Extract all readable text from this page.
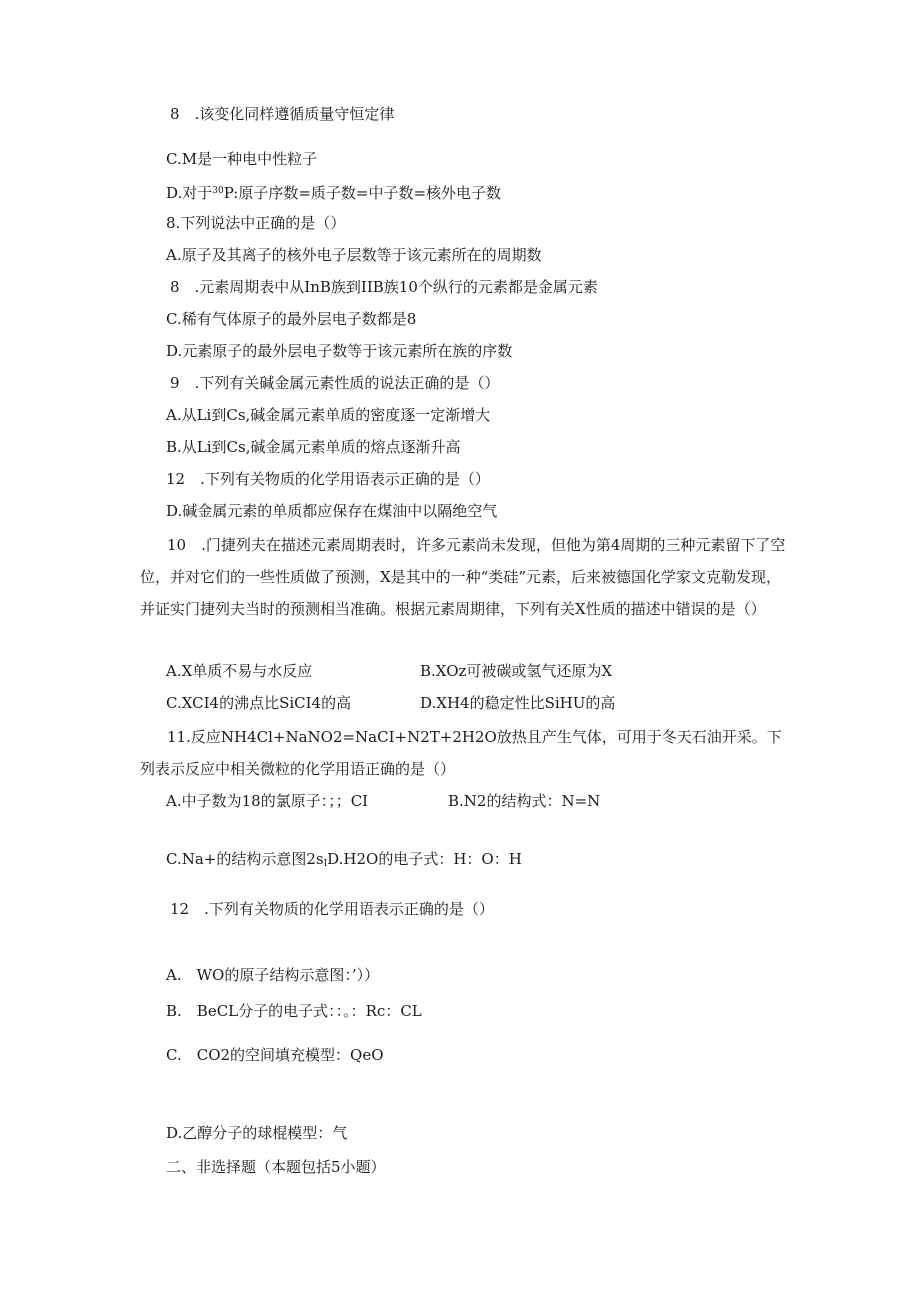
8　.该变化同样遵循质量守恒定律
C.M是一种电中性粒子
D.对于$^{30}$P:原子序数=质子数=中子数=核外电子数
8.下列说法中正确的是（）
A.原子及其离子的核外电子层数等于该元素所在的周期数
8　.元素周期表中从InB族到IIB族10个纵行的元素都是金属元素
C.稀有气体原子的最外层电子数都是8
D.元素原子的最外层电子数等于该元素所在族的序数
9　.下列有关碱金属元素性质的说法正确的是（）
A.从Li到Cs,碱金属元素单质的密度逐一定渐增大
B.从Li到Cs,碱金属元素单质的熔点逐渐升高
12　.下列有关物质的化学用语表示正确的是（）
D.碱金属元素的单质都应保存在煤油中以隔绝空气
10　.门捷列夫在描述元素周期表时，许多元素尚未发现，但他为第4周期的三种元素留下了空位，并对它们的一些性质做了预测，X是其中的一种“类硅”元素，后来被德国化学家文克勒发现，并证实门捷列夫当时的预测相当准确。根据元素周期律，下列有关X性质的描述中错误的是（）
A.X单质不易与水反应	B.XOz可被碳或氢气还原为X
C.XCI4的沸点比SiCI4的高	D.XH4的稳定性比SiHU的高
11.反应NH4Cl+NaNO2=NaCI+N2T+2H2O放热且产生气体，可用于冬天石油开采。下列表示反应中相关微粒的化学用语正确的是（）
A.中子数为18的氯原子：；；CI	B.N2的结构式：N=N
C.Na+的结构示意图$2s_ID.H2O$的电子式：H：O：H
12　.下列有关物质的化学用语表示正确的是（）
A.　WO的原子结构示意图：’））
B.　BeCL分子的电子式：：。：Rc：CL
C.　CO2的空间填充模型：QeO
D.乙醇分子的球棍模型：气
二、非选择题（本题包括5小题）
